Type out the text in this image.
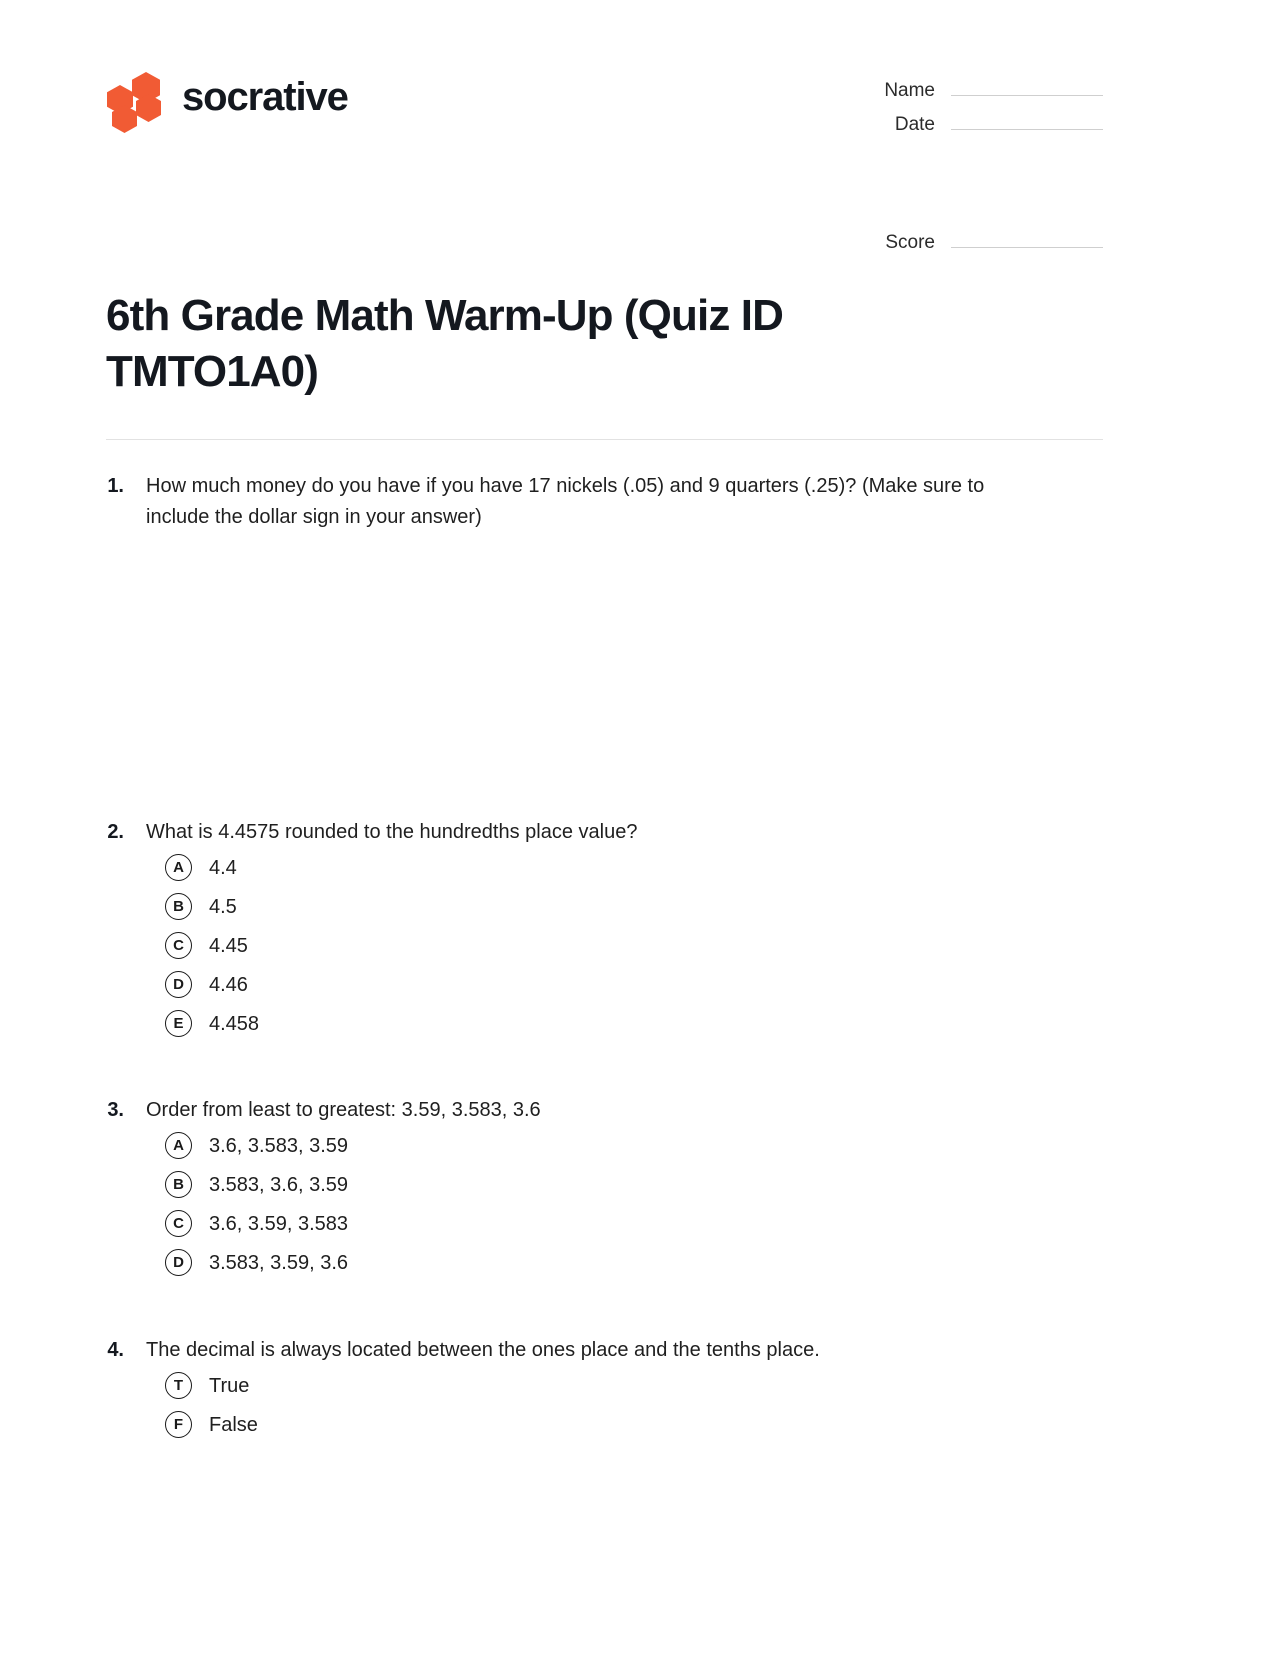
socrative	Name
Date
Score
6th Grade Math Warm-Up (Quiz ID TMTO1A0)
1.	How much money do you have if you have 17 nickels (.05) and 9 quarters (.25)? (Make sure to include the dollar sign in your answer)
2.	What is 4.4575 rounded to the hundredths place value?
A	4.4
B	4.5
C	4.45
D	4.46
E	4.458
3.	Order from least to greatest: 3.59, 3.583, 3.6
A	3.6, 3.583, 3.59
B	3.583, 3.6, 3.59
C	3.6, 3.59, 3.583
D	3.583, 3.59, 3.6
4.	The decimal is always located between the ones place and the tenths place.
T	True
F	False
